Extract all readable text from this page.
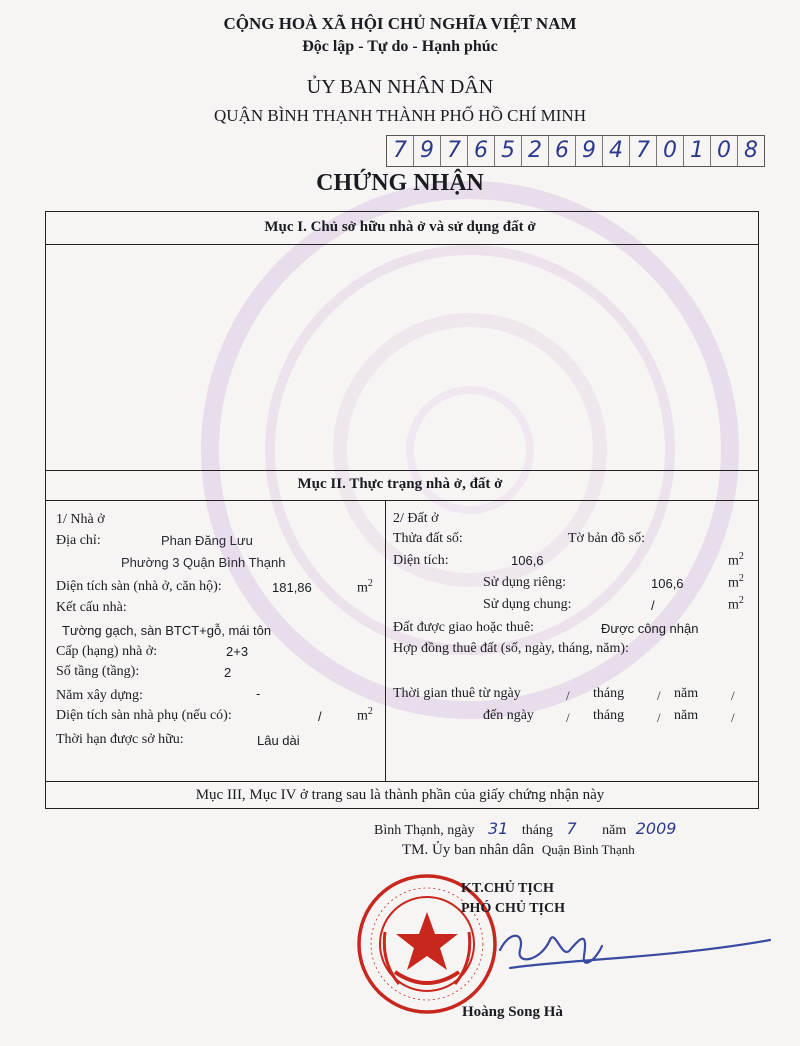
CỘNG HOÀ XÃ HỘI CHỦ NGHĨA VIỆT NAM
Độc lập - Tự do - Hạnh phúc
ỦY BAN NHÂN DÂN
QUẬN BÌNH THẠNH THÀNH PHỐ HỒ CHÍ MINH
7 9 7 6 5 2 6 9 4 7 0 1 0 8
CHỨNG NHẬN
Mục I. Chủ sở hữu nhà ở và sử dụng đất ở
Mục II. Thực trạng nhà ở, đất ở
1/ Nhà ở
Địa chỉ:	Phan Đăng Lưu
Phường 3 Quận Bình Thạnh
Diện tích sàn (nhà ở, căn hộ):	181,86	$m^2$
Kết cấu nhà:
Tường gạch, sàn BTCT+gỗ, mái tôn
Cấp (hạng) nhà ở:	2+3
Số tầng (tầng):	2
Năm xây dựng:	-
Diện tích sàn nhà phụ (nếu có):	/	$m^2$
Thời hạn được sở hữu:	Lâu dài
2/ Đất ở
Thửa đất số:	Tờ bản đồ số:
Diện tích:	106,6	$m^2$
Sử dụng riêng:	106,6	$m^2$
Sử dụng chung:	/	$m^2$
Đất được giao hoặc thuê:	Được công nhận
Hợp đồng thuê đất (số, ngày, tháng, năm):
Thời gian thuê từ ngày	/ tháng	/ năm	/
đến ngày / tháng	/ năm	/
Mục III, Mục IV ở trang sau là thành phần của giấy chứng nhận này
Bình Thạnh, ngày 31 tháng 7 năm 2009
TM. Ủy ban nhân dân Quận Bình Thạnh
KT.CHỦ TỊCH
PHÓ CHỦ TỊCH
Hoàng Song Hà
